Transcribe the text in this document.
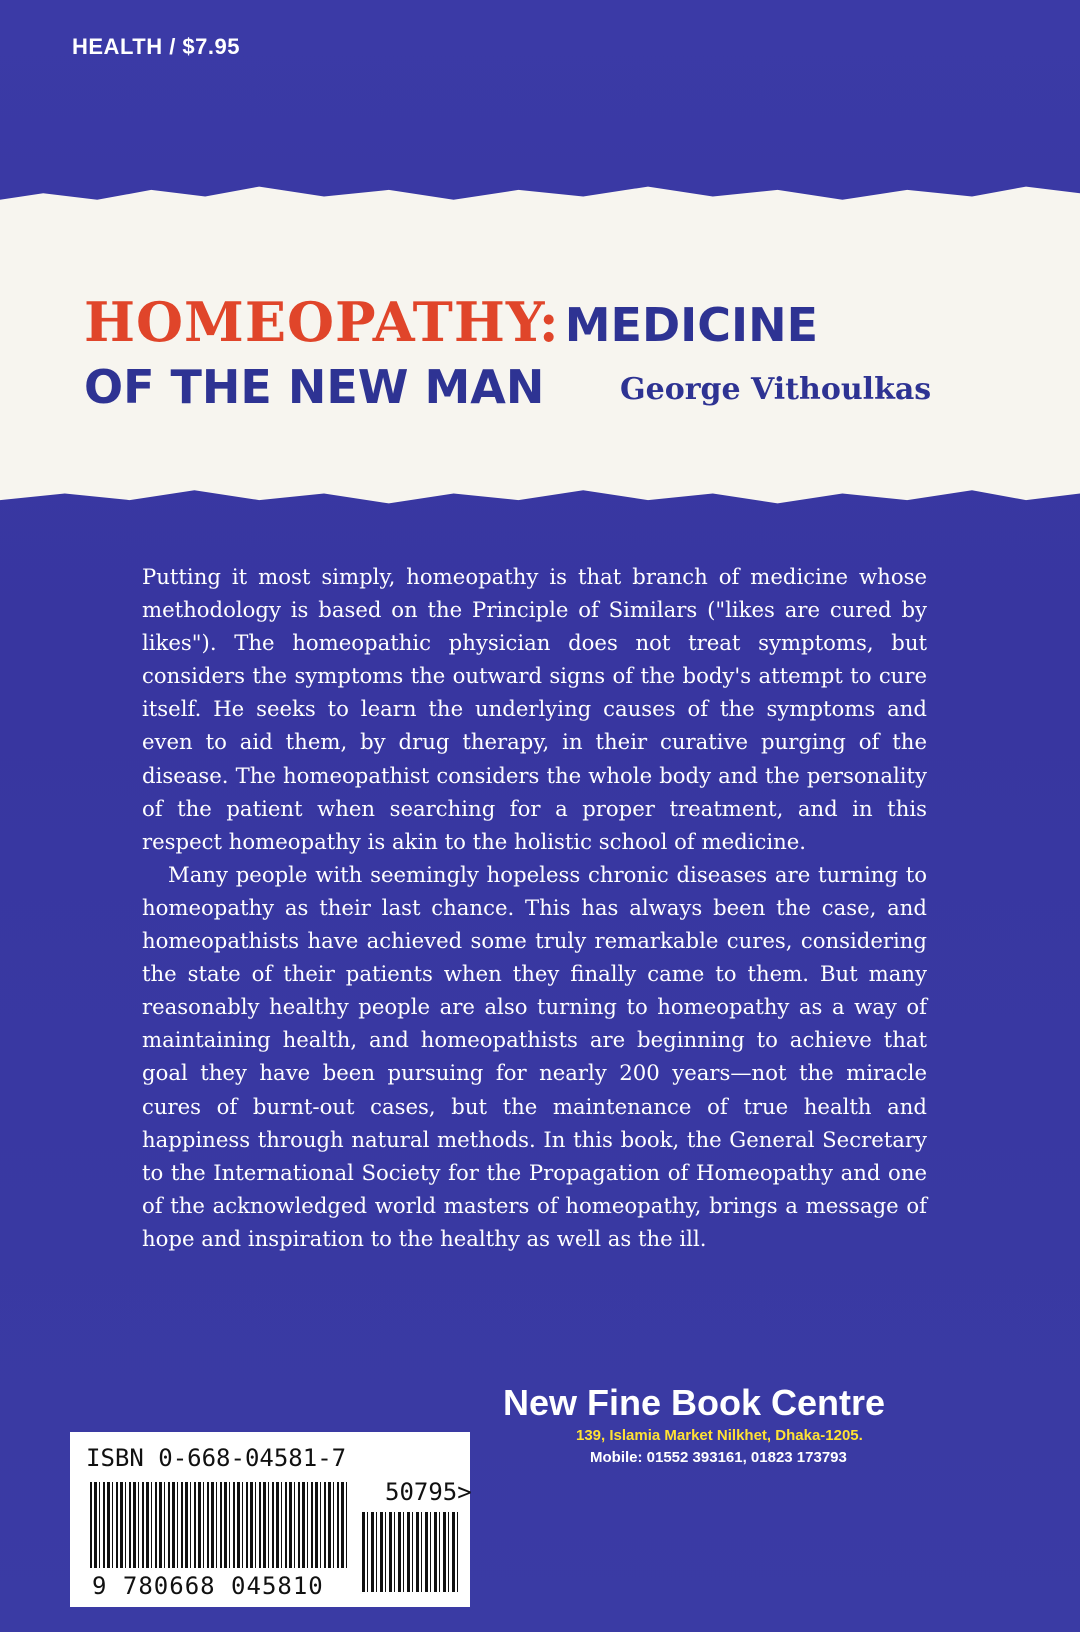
HEALTH / $7.95
HOMEOPATHY: MEDICINE
OF THE NEW MAN	George Vithoulkas

Putting it most simply, homeopathy is that branch of medicine whose methodology is based on the Principle of Similars ("likes are cured by likes"). The homeopathic physician does not treat symptoms, but considers the symptoms the outward signs of the body's attempt to cure itself. He seeks to learn the underlying causes of the symptoms and even to aid them, by drug therapy, in their curative purging of the disease. The homeopathist considers the whole body and the personality of the patient when searching for a proper treatment, and in this respect homeopathy is akin to the holistic school of medicine.

Many people with seemingly hopeless chronic diseases are turning to homeopathy as their last chance. This has always been the case, and homeopathists have achieved some truly remarkable cures, considering the state of their patients when they finally came to them. But many reasonably healthy people are also turning to homeopathy as a way of maintaining health, and homeopathists are beginning to achieve that goal they have been pursuing for nearly 200 years—not the miracle cures of burnt-out cases, but the maintenance of true health and happiness through natural methods. In this book, the General Secretary to the International Society for the Propagation of Homeopathy and one of the acknowledged world masters of homeopathy, brings a message of hope and inspiration to the healthy as well as the ill.

New Fine Book Centre
139, Islamia Market Nilkhet, Dhaka-1205.
Mobile: 01552 393161, 01823 173793
ISBN 0-668-04581-7
50795>
9 780668 045810
